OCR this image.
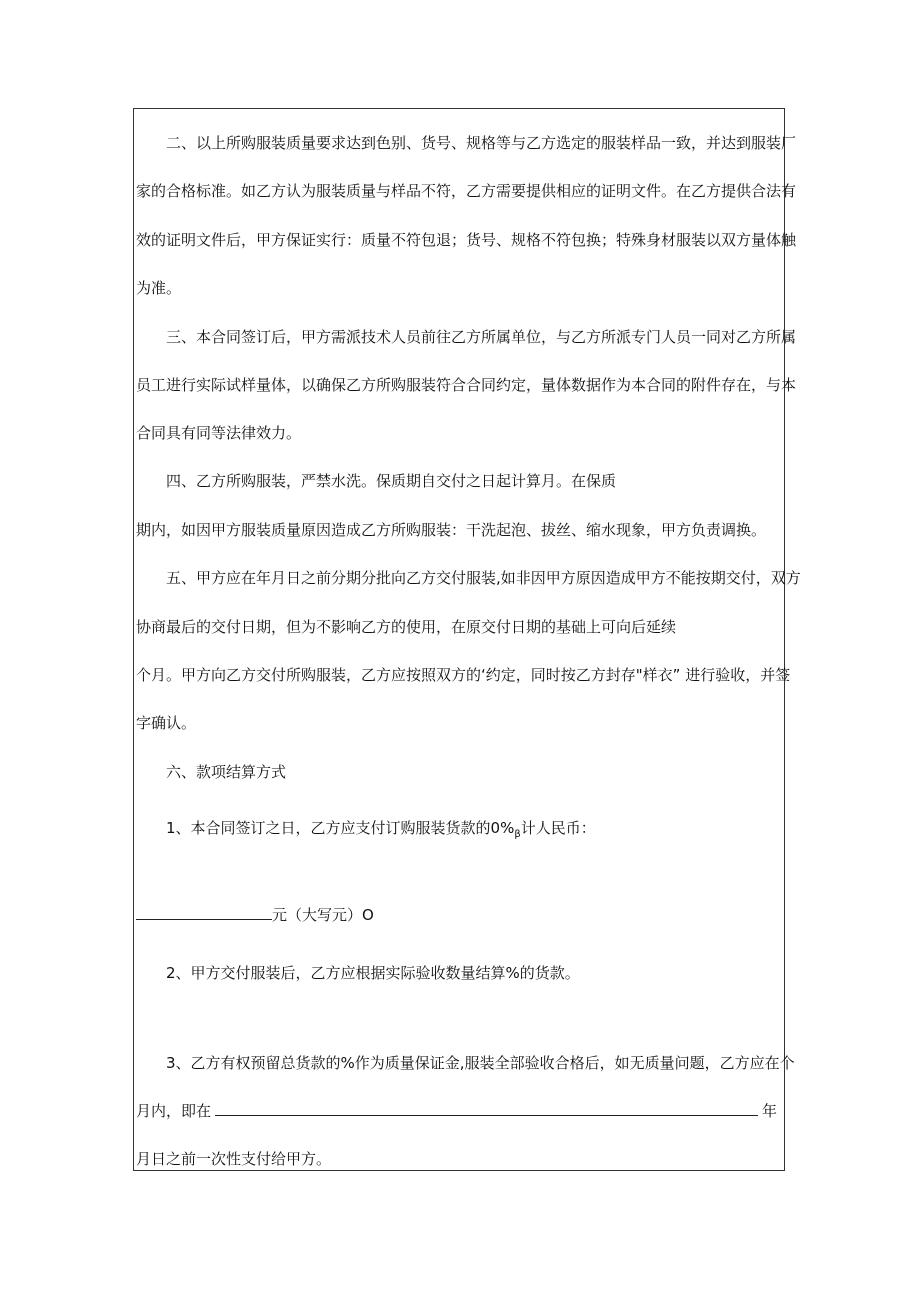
二、以上所购服装质量要求达到色别、货号、规格等与乙方选定的服装样品一致，并达到服装厂
家的合格标准。如乙方认为服装质量与样品不符，乙方需要提供相应的证明文件。在乙方提供合法有
效的证明文件后，甲方保证实行：质量不符包退；货号、规格不符包换；特殊身材服装以双方量体触
为准。
三、本合同签订后，甲方需派技术人员前往乙方所属单位，与乙方所派专门人员一同对乙方所属
员工进行实际试样量体，以确保乙方所购服装符合合同约定，量体数据作为本合同的附件存在，与本
合同具有同等法律效力。
四、乙方所购服装，严禁水洗。保质期自交付之日起计算月。在保质
期内，如因甲方服装质量原因造成乙方所购服装：干洗起泡、拔丝、缩水现象，甲方负责调换。
五、甲方应在年月日之前分期分批向乙方交付服装,如非因甲方原因造成甲方不能按期交付，双方
协商最后的交付日期，但为不影响乙方的使用，在原交付日期的基础上可向后延续
个月。甲方向乙方交付所购服装，乙方应按照双方的‘约定，同时按乙方封存"样衣” 进行验收，并签
字确认。
六、款项结算方式
1、本合同签订之日，乙方应支付订购服装货款的$0\%_\beta$计人民币：
元（大写元）O
2、甲方交付服装后，乙方应根据实际验收数量结算%的货款。
3、乙方有权预留总货款的%作为质量保证金,服装全部验收合格后，如无质量问题，乙方应在个
月内，即在	年
月日之前一次性支付给甲方。
